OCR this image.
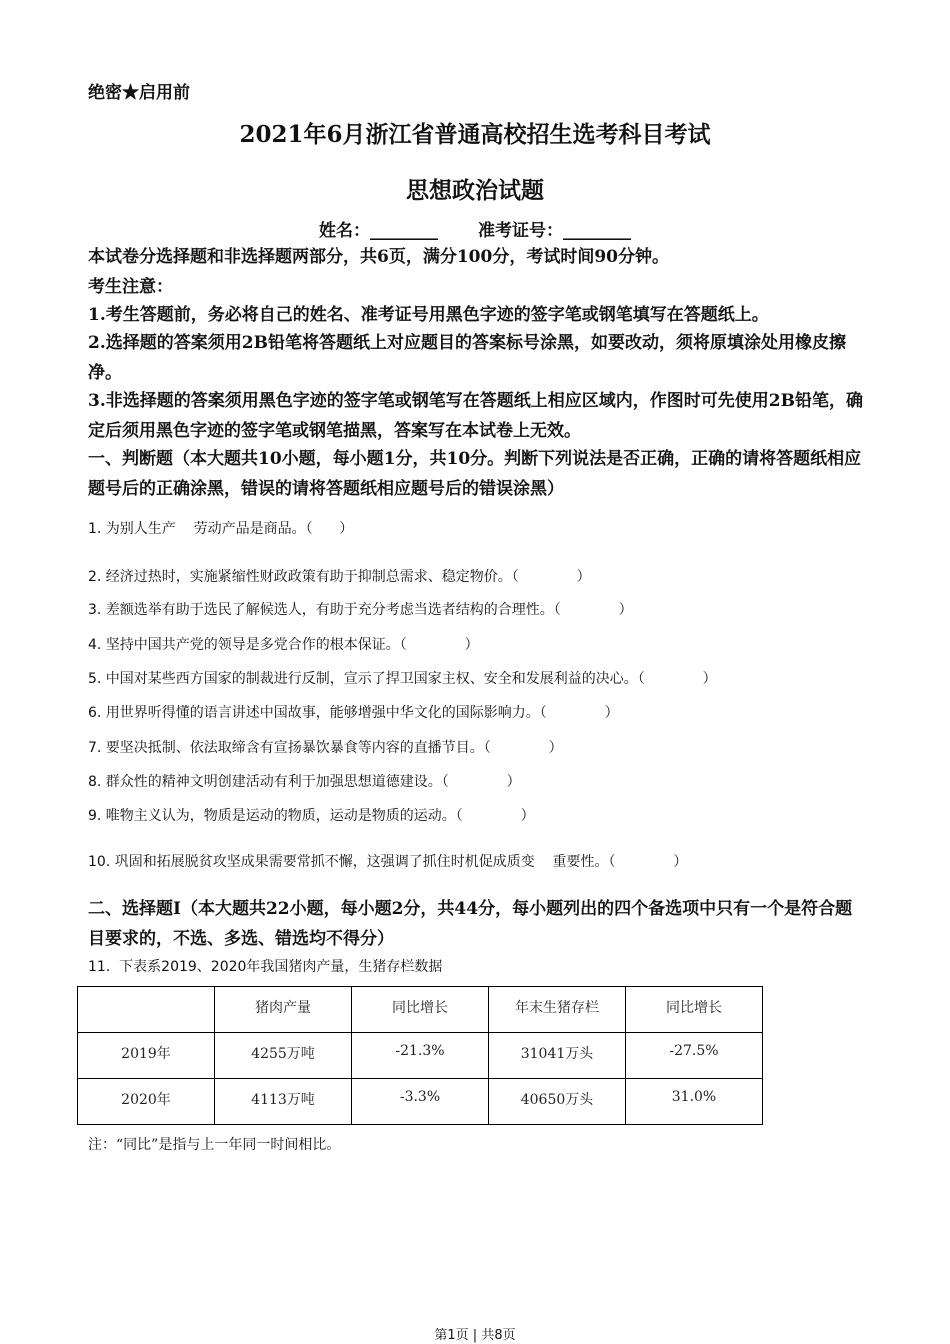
绝密★启用前
2021年6月浙江省普通高校招生选考科目考试
思想政治试题
姓名：________ 准考证号：________
本试卷分选择题和非选择题两部分，共6页，满分100分，考试时间90分钟。
考生注意：
1.考生答题前，务必将自己的姓名、准考证号用黑色字迹的签字笔或钢笔填写在答题纸上。
2.选择题的答案须用2B铅笔将答题纸上对应题目的答案标号涂黑，如要改动，须将原填涂处用橡皮擦净。
3.非选择题的答案须用黑色字迹的签字笔或钢笔写在答题纸上相应区域内，作图时可先使用2B铅笔，确定后须用黑色字迹的签字笔或钢笔描黑，答案写在本试卷上无效。
一、判断题（本大题共10小题，每小题1分，共10分。判断下列说法是否正确，正确的请将答题纸相应题号后的正确涂黑，错误的请将答题纸相应题号后的错误涂黑）
1. 为别人生产    劳动产品是商品。（      ）
2. 经济过热时，实施紧缩性财政政策有助于抑制总需求、稳定物价。（             ）
3. 差额选举有助于选民了解候选人，有助于充分考虑当选者结构的合理性。（             ）
4. 坚持中国共产党的领导是多党合作的根本保证。（             ）
5. 中国对某些西方国家的制裁进行反制，宣示了捍卫国家主权、安全和发展利益的决心。（             ）
6. 用世界听得懂的语言讲述中国故事，能够增强中华文化的国际影响力。（             ）
7. 要坚决抵制、依法取缔含有宣扬暴饮暴食等内容的直播节目。（             ）
8. 群众性的精神文明创建活动有利于加强思想道德建设。（             ）
9. 唯物主义认为，物质是运动的物质，运动是物质的运动。（             ）
10. 巩固和拓展脱贫攻坚成果需要常抓不懈，这强调了抓住时机促成质变    重要性。（             ）
二、选择题I（本大题共22小题，每小题2分，共44分，每小题列出的四个备选项中只有一个是符合题目要求的，不选、多选、错选均不得分）
11.  下表系2019、2020年我国猪肉产量，生猪存栏数据
	猪肉产量	同比增长	年末生猪存栏	同比增长
2019年	4255万吨	-21.3%	31041万头	-27.5%
2020年	4113万吨	-3.3%	40650万头	31.0%
注：“同比”是指与上一年同一时间相比。
第1页 | 共8页
